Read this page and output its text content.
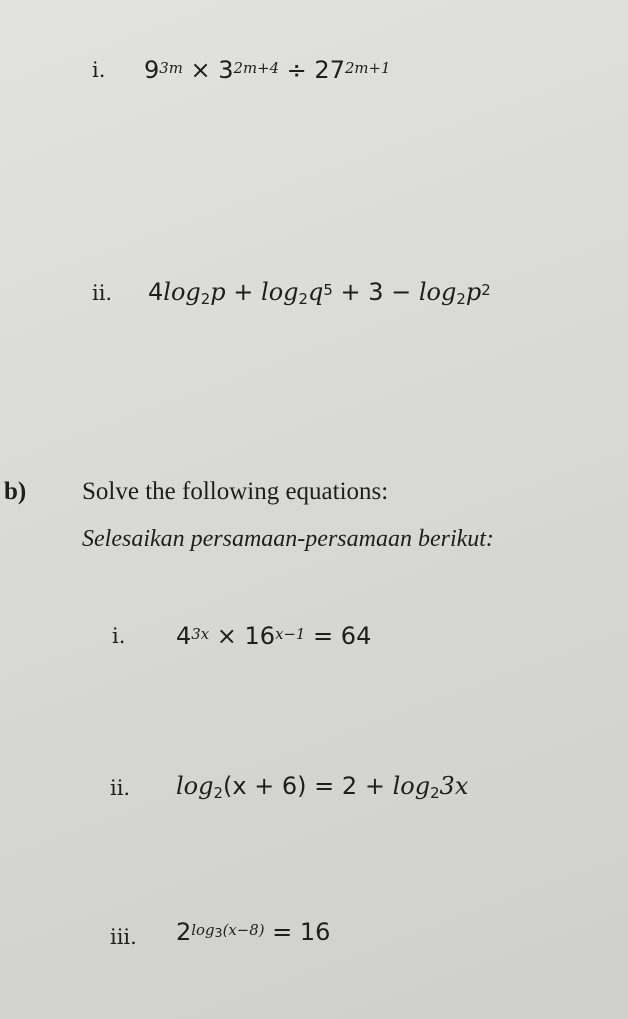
i. $9^{3m} \times 3^{2m+4} \div 27^{2m+1}$
ii. $4\log_2p + \log_2q^5 + 3 - \log_2p^2$
b) Solve the following equations:
Selesaikan persamaan-persamaan berikut:
i. $4^{3x} \times 16^{x-1} = 64$
ii. $\log_2(x + 6) = 2 + \log_23x$
iii. $2^{log_3(x-8)} = 16$
